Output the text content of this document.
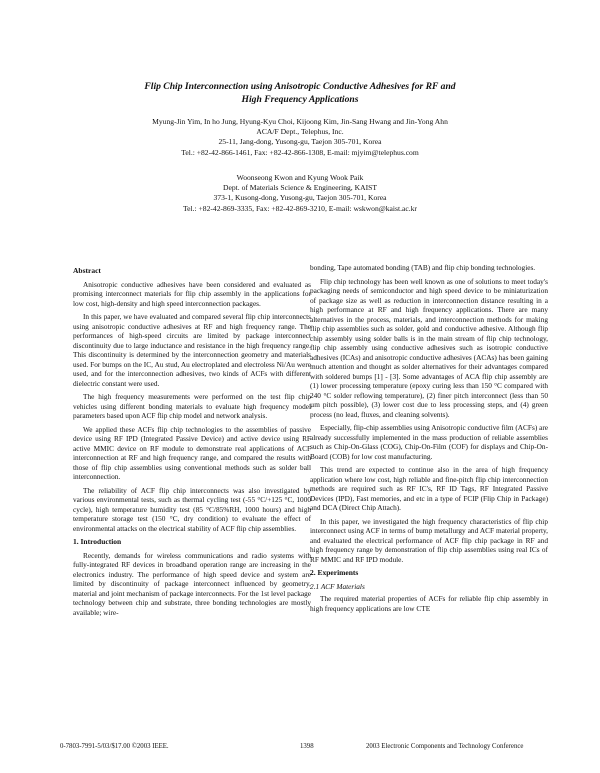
Flip Chip Interconnection using Anisotropic Conductive Adhesives for RF and
High Frequency Applications
Myung-Jin Yim, In ho Jung, Hyung-Kyu Choi, Kijoong Kim, Jin-Sang Hwang and Jin-Yong Ahn
ACA/F Dept., Telephus, Inc.
25-11, Jang-dong, Yusong-gu, Taejon 305-701, Korea
Tel.: +82-42-866-1461, Fax: +82-42-866-1308, E-mail: mjyim@telephus.com
Woonseong Kwon and Kyung Wook Paik
Dept. of Materials Science & Engineering, KAIST
373-1, Kusong-dong, Yusong-gu, Taejon 305-701, Korea
Tel.: +82-42-869-3335, Fax: +82-42-869-3210, E-mail: wskwon@kaist.ac.kr
Abstract

Anisotropic conductive adhesives have been considered and evaluated as promising interconnect materials for flip chip assembly in the applications for low cost, high-density and high speed interconnection packages.

In this paper, we have evaluated and compared several flip chip interconnects using anisotropic conductive adhesives at RF and high frequency range. The performances of high-speed circuits are limited by package interconnect discontinuity due to large inductance and resistance in the high frequency range. This discontinuity is determined by the interconnection geometry and materials used. For bumps on the IC, Au stud, Au electroplated and electroless Ni/Au were used, and for the interconnection adhesives, two kinds of ACFs with different dielectric constant were used.

The high frequency measurements were performed on the test flip chip vehicles using different bonding materials to evaluate high frequency model parameters based upon ACF flip chip model and network analysis.

We applied these ACFs flip chip technologies to the assemblies of passive device using RF IPD (Integrated Passive Device) and active device using RF active MMIC device on RF module to demonstrate real applications of ACF interconnection at RF and high frequency range, and compared the results with those of flip chip assemblies using conventional methods such as solder ball interconnection.

The reliability of ACF flip chip interconnects was also investigated by various environmental tests, such as thermal cycling test (-55 °C/+125 °C, 1000 cycle), high temperature humidity test (85 °C/85%RH, 1000 hours) and high temperature storage test (150 °C, dry condition) to evaluate the effect of environmental attacks on the electrical stability of ACF flip chip assemblies.

1. Introduction

Recently, demands for wireless communications and radio systems with fully-integrated RF devices in broadband operation range are increasing in the electronics industry. The performance of high speed device and system are limited by discontinuity of package interconnect influenced by geometry, material and joint mechanism of package interconnects. For the 1st level package technology between chip and substrate, three bonding technologies are mostly available; wire-

bonding, Tape automated bonding (TAB) and flip chip bonding technologies.

Flip chip technology has been well known as one of solutions to meet today's packaging needs of semiconductor and high speed device to be miniaturization of package size as well as reduction in interconnection distance resulting in a high performance at RF and high frequency applications. There are many alternatives in the process, materials, and interconnection methods for making flip chip assemblies such as solder, gold and conductive adhesive. Although flip chip assembly using solder balls is in the main stream of flip chip technology, flip chip assembly using conductive adhesives such as isotropic conductive adhesives (ICAs) and anisotropic conductive adhesives (ACAs) has been gaining much attention and thought as solder alternatives for their advantages compared with soldered bumps [1] - [3]. Some advantages of ACA flip chip assembly are (1) lower processing temperature (epoxy curing less than 150 °C compared with 240 °C solder reflowing temperature), (2) finer pitch interconnect (less than 50 µm pitch possible), (3) lower cost due to less processing steps, and (4) green process (no lead, fluxes, and cleaning solvents).

Especially, flip-chip assemblies using Anisotropic conductive film (ACFs) are already successfully implemented in the mass production of reliable assemblies such as Chip-On-Glass (COG), Chip-On-Film (COF) for displays and Chip-On-Board (COB) for low cost manufacturing.

This trend are expected to continue also in the area of high frequency application where low cost, high reliable and fine-pitch flip chip interconnection methods are required such as RF IC's, RF ID Tags, RF Integrated Passive Devices (IPD), Fast memories, and etc in a type of FCIP (Flip Chip in Package) and DCA (Direct Chip Attach).

In this paper, we investigated the high frequency characteristics of flip chip interconnect using ACF in terms of bump metallurgy and ACF material property, and evaluated the electrical performance of ACF flip chip package in RF and high frequency range by demonstration of flip chip assemblies using real ICs of RF MMIC and RF IPD module.

2. Experiments
2.1 ACF Materials

The required material properties of ACFs for reliable flip chip assembly in high frequency applications are low CTE

0-7803-7991-5/03/$17.00 ©2003 IEEE.	1398	2003 Electronic Components and Technology Conference
